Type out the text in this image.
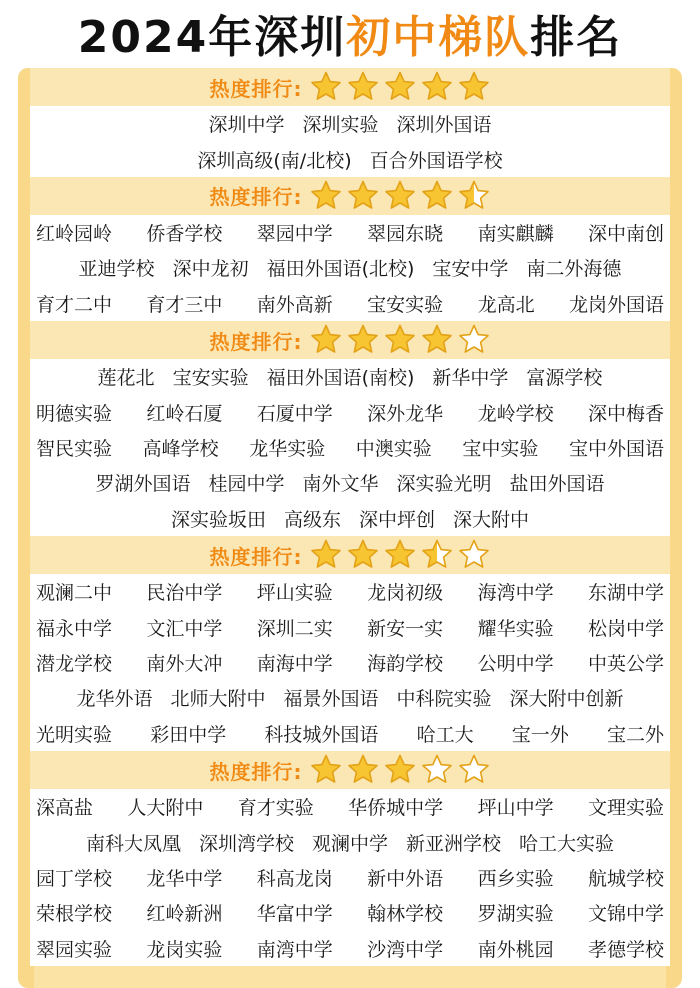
2024年深圳 初中梯队 排名
热度排行:
深圳中学 深圳实验 深圳外国语
深圳高级(南/北校) 百合外国语学校
热度排行:
红岭园岭 侨香学校 翠园中学 翠园东晓 南实麒麟 深中南创
亚迪学校 深中龙初 福田外国语(北校) 宝安中学 南二外海德
育才二中 育才三中 南外高新 宝安实验 龙高北 龙岗外国语
热度排行:
莲花北 宝安实验 福田外国语(南校) 新华中学 富源学校
明德实验 红岭石厦 石厦中学 深外龙华 龙岭学校 深中梅香
智民实验 高峰学校 龙华实验 中澳实验 宝中实验 宝中外国语
罗湖外国语 桂园中学 南外文华 深实验光明 盐田外国语
深实验坂田 高级东 深中坪创 深大附中
热度排行:
观澜二中 民治中学 坪山实验 龙岗初级 海湾中学 东湖中学
福永中学 文汇中学 深圳二实 新安一实 耀华实验 松岗中学
潜龙学校 南外大冲 南海中学 海韵学校 公明中学 中英公学
龙华外语 北师大附中 福景外国语 中科院实验 深大附中创新
光明实验 彩田中学 科技城外国语 哈工大 宝一外 宝二外
热度排行:
深高盐 人大附中 育才实验 华侨城中学 坪山中学 文理实验
南科大凤凰 深圳湾学校 观澜中学 新亚洲学校 哈工大实验
园丁学校 龙华中学 科高龙岗 新中外语 西乡实验 航城学校
荣根学校 红岭新洲 华富中学 翰林学校 罗湖实验 文锦中学
翠园实验 龙岗实验 南湾中学 沙湾中学 南外桃园 孝德学校
